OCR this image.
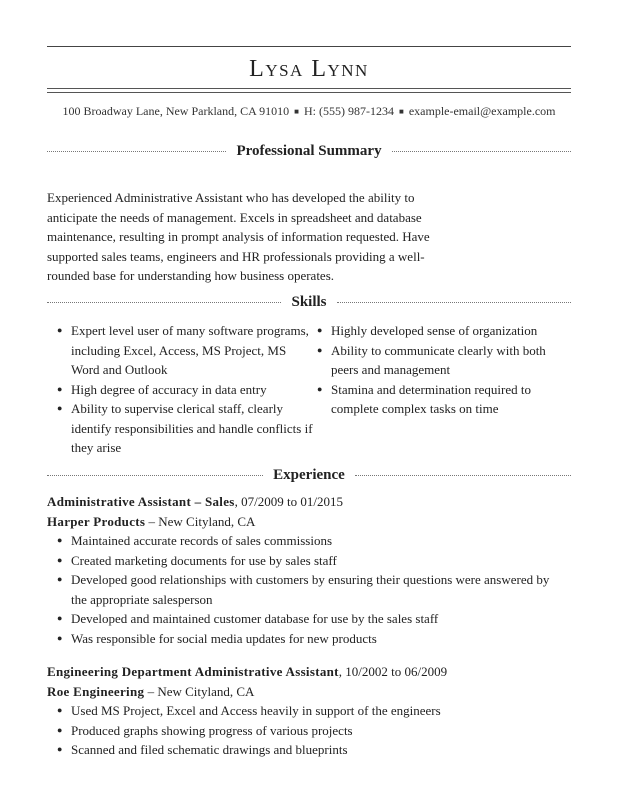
Lysa Lynn
100 Broadway Lane, New Parkland, CA 91010 ■ H: (555) 987-1234 ■ example-email@example.com
Professional Summary
Experienced Administrative Assistant who has developed the ability to anticipate the needs of management. Excels in spreadsheet and database maintenance, resulting in prompt analysis of information requested. Have supported sales teams, engineers and HR professionals providing a well-rounded base for understanding how business operates.
Skills
● Expert level user of many software programs, including Excel, Access, MS Project, MS Word and Outlook
● High degree of accuracy in data entry
● Ability to supervise clerical staff, clearly identify responsibilities and handle conflicts if they arise
● Highly developed sense of organization
● Ability to communicate clearly with both peers and management
● Stamina and determination required to complete complex tasks on time
Experience
Administrative Assistant – Sales, 07/2009 to 01/2015
Harper Products – New Cityland, CA
● Maintained accurate records of sales commissions
● Created marketing documents for use by sales staff
● Developed good relationships with customers by ensuring their questions were answered by the appropriate salesperson
● Developed and maintained customer database for use by the sales staff
● Was responsible for social media updates for new products
Engineering Department Administrative Assistant, 10/2002 to 06/2009
Roe Engineering – New Cityland, CA
● Used MS Project, Excel and Access heavily in support of the engineers
● Produced graphs showing progress of various projects
● Scanned and filed schematic drawings and blueprints
